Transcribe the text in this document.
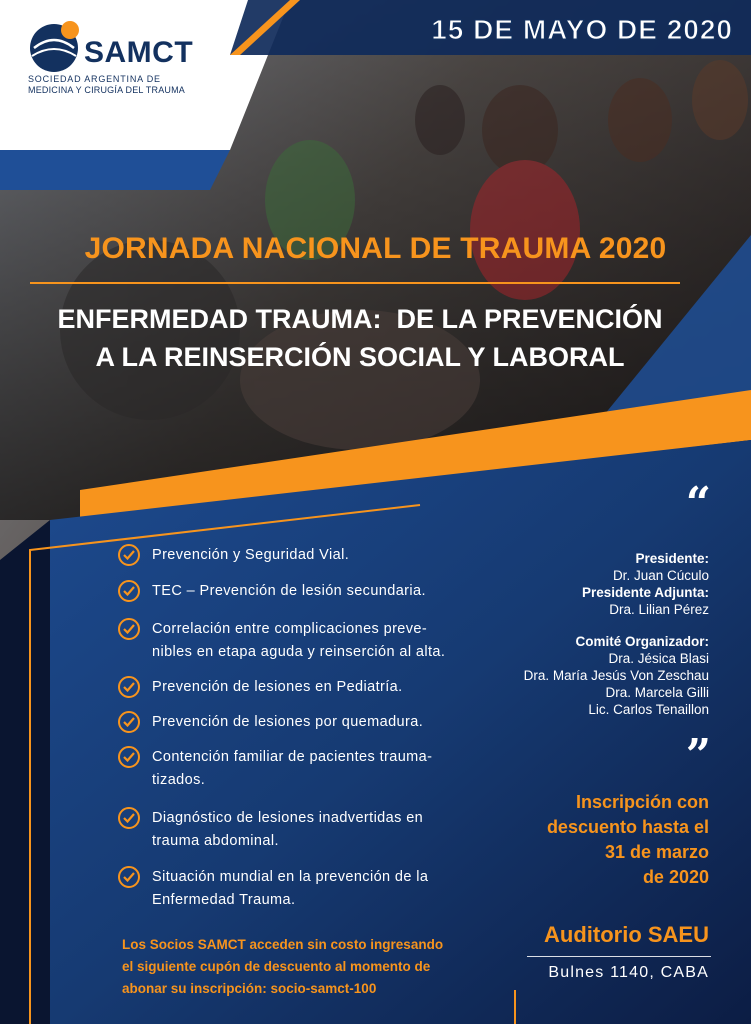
SAMCT
SOCIEDAD ARGENTINA DE
MEDICINA Y CIRUGÍA DEL TRAUMA
15 DE MAYO DE 2020
JORNADA NACIONAL DE TRAUMA 2020
ENFERMEDAD TRAUMA:  DE LA PREVENCIÓN
A LA REINSERCIÓN SOCIAL Y LABORAL
Prevención y Seguridad Vial.
TEC – Prevención de lesión secundaria.
Correlación entre complicaciones preve-
nibles en etapa aguda y reinserción al alta.
Prevención de lesiones en Pediatría.
Prevención de lesiones por quemadura.
Contención familiar de pacientes trauma-
tizados.
Diagnóstico de lesiones inadvertidas en
trauma abdominal.
Situación mundial en la prevención de la
Enfermedad Trauma.
“
Presidente:
Dr. Juan Cúculo
Presidente Adjunta:
Dra. Lilian Pérez
Comité Organizador:
Dra. Jésica Blasi
Dra. María Jesús Von Zeschau
Dra. Marcela Gilli
Lic. Carlos Tenaillon
”
Inscripción con
descuento hasta el
31 de marzo
de 2020
Auditorio SAEU
Bulnes 1140, CABA
Los Socios SAMCT acceden sin costo ingresando
el siguiente cupón de descuento al momento de
abonar su inscripción: socio-samct-100
